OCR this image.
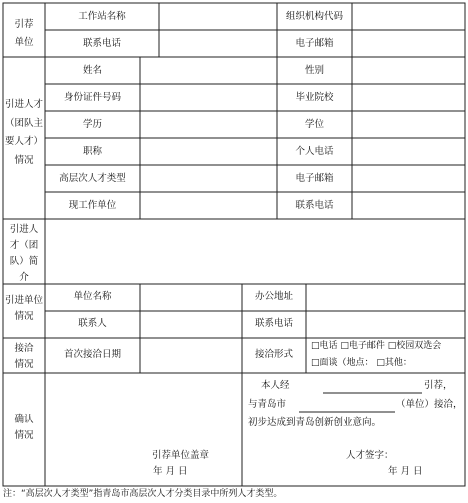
引荐单位
工作站名称	组织机构代码
联系电话	电子邮箱
引进人才（团队主要人才）情况
姓名	性别
身份证件号码	毕业院校
学历	学位
职称	个人电话
高层次人才类型	电子邮箱
现工作单位	联系电话
引进人才（团队）简介
引进单位情况
单位名称	办公地址
联系人	联系电话
接洽情况
首次接洽日期	接洽形式
□电话 □电子邮件 □校园双选会
□面谈（地点： □其他：
确认情况
引荐单位盖章
年 月 日
本人经	引荐，
与青岛市	（单位）接洽，
初步达成到青岛创新创业意向。
人才签字：
年 月 日
注：“高层次人才类型”指青岛市高层次人才分类目录中所列人才类型。
